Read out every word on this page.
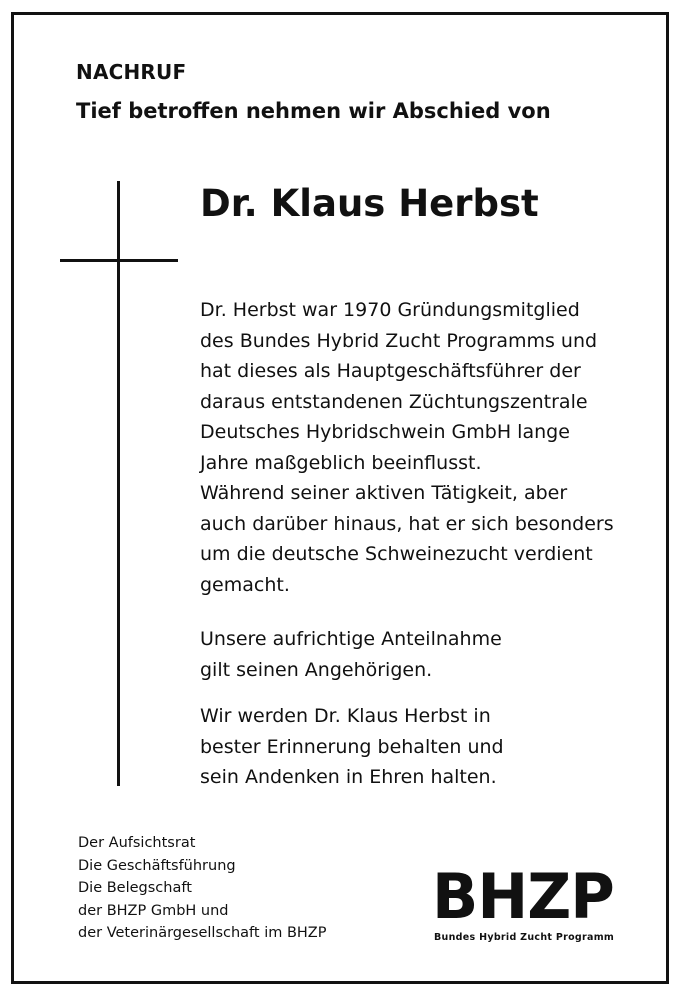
NACHRUF
Tief betroffen nehmen wir Abschied von
Dr. Klaus Herbst
Dr. Herbst war 1970 Gründungsmitglied
des Bundes Hybrid Zucht Programms und
hat dieses als Hauptgeschäftsführer der
daraus entstandenen Züchtungszentrale
Deutsches Hybridschwein GmbH lange
Jahre maßgeblich beeinflusst.
Während seiner aktiven Tätigkeit, aber
auch darüber hinaus, hat er sich besonders
um die deutsche Schweinezucht verdient
gemacht.
Unsere aufrichtige Anteilnahme
gilt seinen Angehörigen.
Wir werden Dr. Klaus Herbst in
bester Erinnerung behalten und
sein Andenken in Ehren halten.
Der Aufsichtsrat
Die Geschäftsführung
Die Belegschaft
der BHZP GmbH und
der Veterinärgesellschaft im BHZP BHZP
Bundes Hybrid Zucht Programm
